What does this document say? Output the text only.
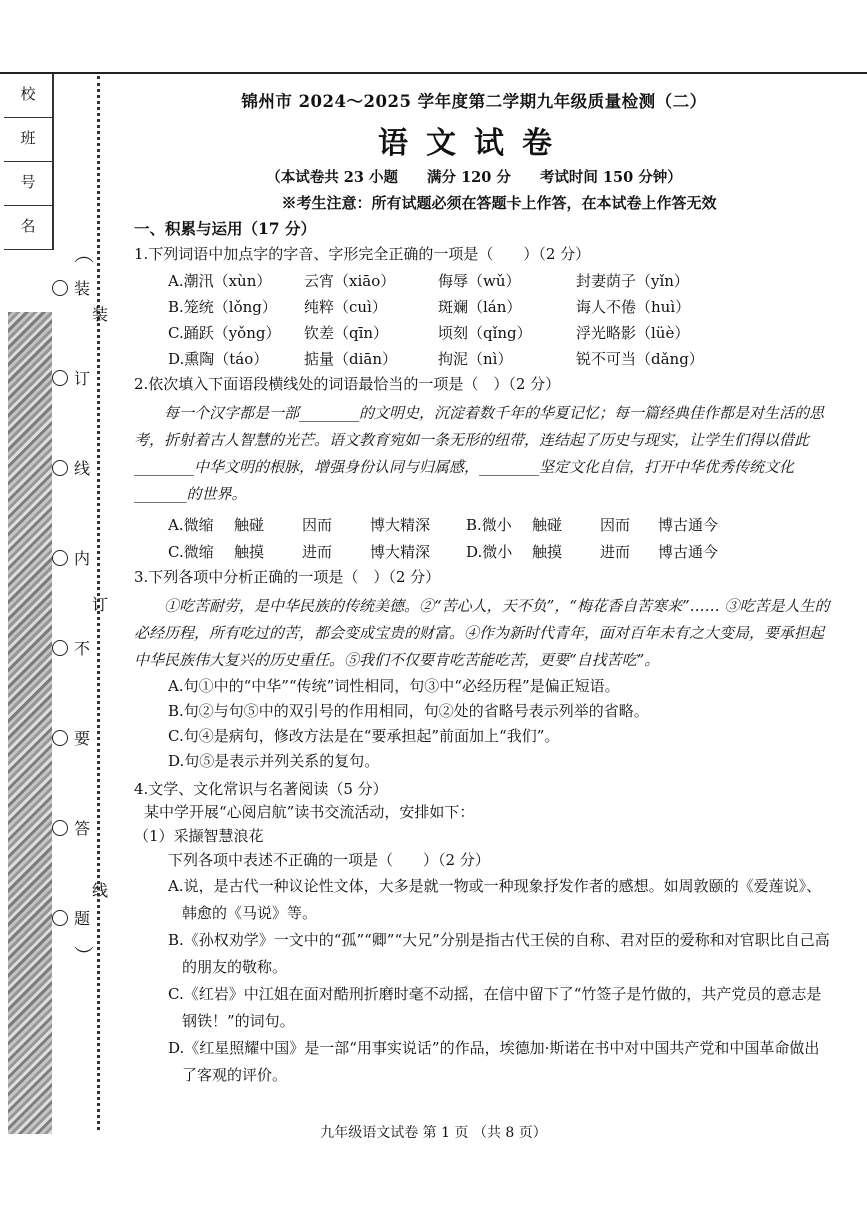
校
班
号
名
︵
︶
装
订
线
内
不
要
答
题
装
订
线
锦州市 2024～2025 学年度第二学期九年级质量检测（二）
语文试卷
（本试卷共 23 小题　　满分 120 分　　考试时间 150 分钟）
※考生注意：所有试题必须在答题卡上作答，在本试卷上作答无效
一、积累与运用（17 分）
1.下列词语中加点字的字音、字形完全正确的一项是（　　）（2 分）
A.潮汛（xùn）	云宵（xiāo）	侮辱（wǔ）	封妻荫子（yǐn）
B.笼统（lǒng）	纯粹（cuì）	斑斓（lán）	诲人不倦（huì）
C.踊跃（yǒng）	钦差（qīn）	顷刻（qǐng）	浮光略影（lüè）
D.熏陶（táo）	掂量（diān）	拘泥（nì）	锐不可当（dǎng）
2.依次填入下面语段横线处的词语最恰当的一项是（　）（2 分）
每一个汉字都是一部________的文明史，沉淀着数千年的华夏记忆；每一篇经典佳作都是对生活的思考，折射着古人智慧的光芒。语文教育宛如一条无形的纽带，连结起了历史与现实，让学生们得以借此________中华文明的根脉，增强身份认同与归属感，________坚定文化自信，打开中华优秀传统文化_______的世界。
A.微缩	触碰	因而	博大精深	B.微小	触碰	因而	博古通今
C.微缩	触摸	进而	博大精深	D.微小	触摸	进而	博古通今
3.下列各项中分析正确的一项是（　）（2 分）
①吃苦耐劳，是中华民族的传统美德。②“苦心人，天不负”，“梅花香自苦寒来”…… ③吃苦是人生的必经历程，所有吃过的苦，都会变成宝贵的财富。④作为新时代青年，面对百年未有之大变局，要承担起中华民族伟大复兴的历史重任。⑤我们不仅要肯吃苦能吃苦，更要“自找苦吃”。
A.句①中的“中华”“传统”词性相同，句③中“必经历程”是偏正短语。
B.句②与句⑤中的双引号的作用相同，句②处的省略号表示列举的省略。
C.句④是病句，修改方法是在“要承担起”前面加上“我们”。
D.句⑤是表示并列关系的复句。
4.文学、文化常识与名著阅读（5 分）
某中学开展“心阅启航”读书交流活动，安排如下：
（1）采撷智慧浪花
下列各项中表述不正确的一项是（　　）（2 分）
A.说，是古代一种议论性文体，大多是就一物或一种现象抒发作者的感想。如周敦颐的《爱莲说》、韩愈的《马说》等。
B.《孙权劝学》一文中的“孤”“卿”“大兄”分别是指古代王侯的自称、君对臣的爱称和对官职比自己高的朋友的敬称。
C.《红岩》中江姐在面对酷刑折磨时毫不动摇，在信中留下了“竹签子是竹做的，共产党员的意志是钢铁！”的词句。
D.《红星照耀中国》是一部“用事实说话”的作品，埃德加·斯诺在书中对中国共产党和中国革命做出了客观的评价。
九年级语文试卷 第 1 页 （共 8 页）
